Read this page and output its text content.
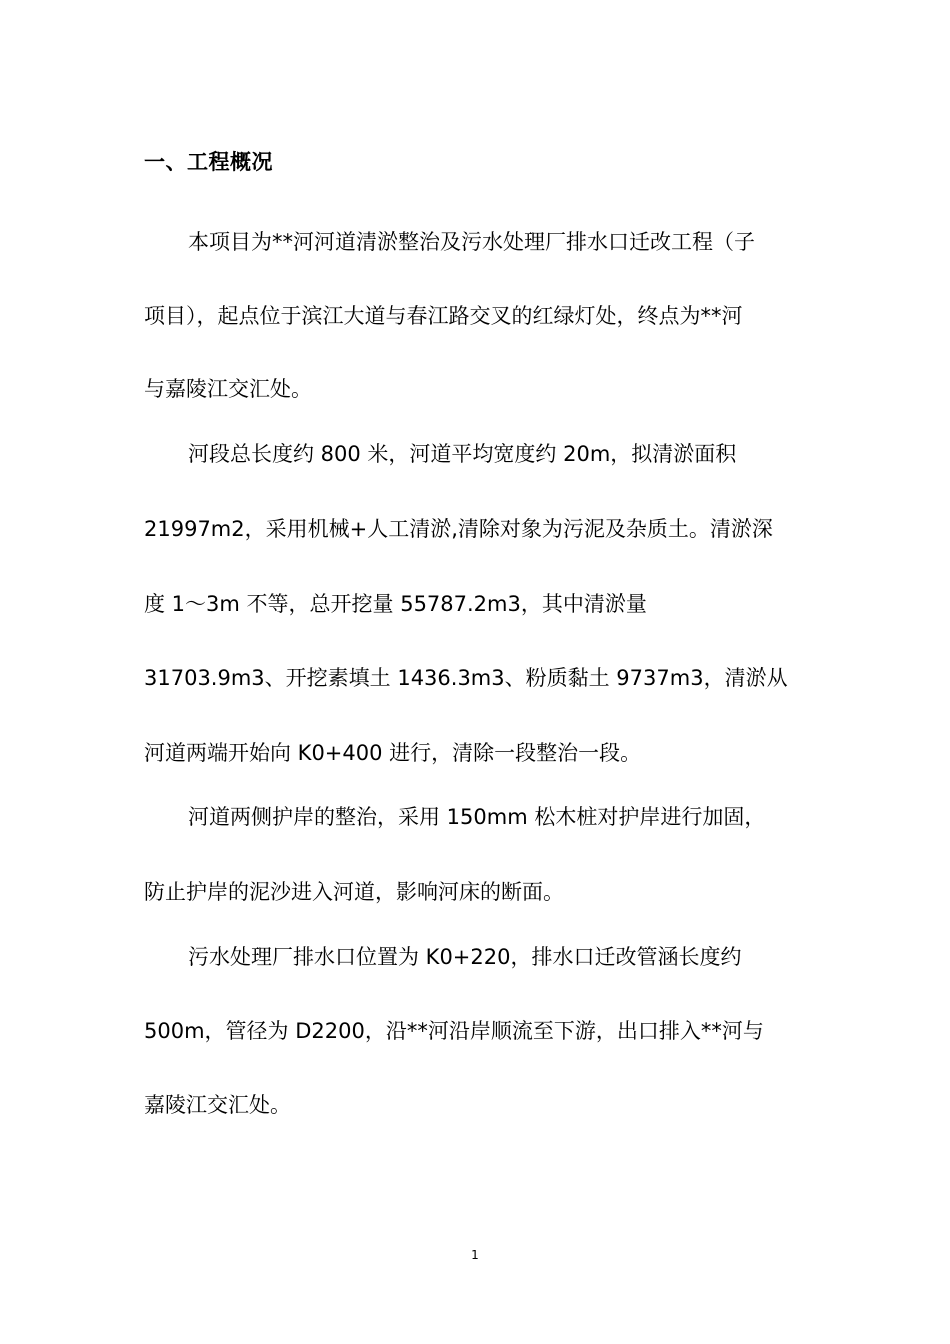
一、工程概况
本项目为**河河道清淤整治及污水处理厂排水口迁改工程（子
项目），起点位于滨江大道与春江路交叉的红绿灯处，终点为**河
与嘉陵江交汇处。
河段总长度约 800 米，河道平均宽度约 20m，拟清淤面积
21997m2，采用机械+人工清淤,清除对象为污泥及杂质土。清淤深
度 1～3m 不等，总开挖量 55787.2m3，其中清淤量
31703.9m3、开挖素填土 1436.3m3、粉质黏土 9737m3，清淤从
河道两端开始向 K0+400 进行，清除一段整治一段。
河道两侧护岸的整治，采用 150mm 松木桩对护岸进行加固，
防止护岸的泥沙进入河道，影响河床的断面。
污水处理厂排水口位置为 K0+220，排水口迁改管涵长度约
500m，管径为 D2200，沿**河沿岸顺流至下游，出口排入**河与
嘉陵江交汇处。
1
